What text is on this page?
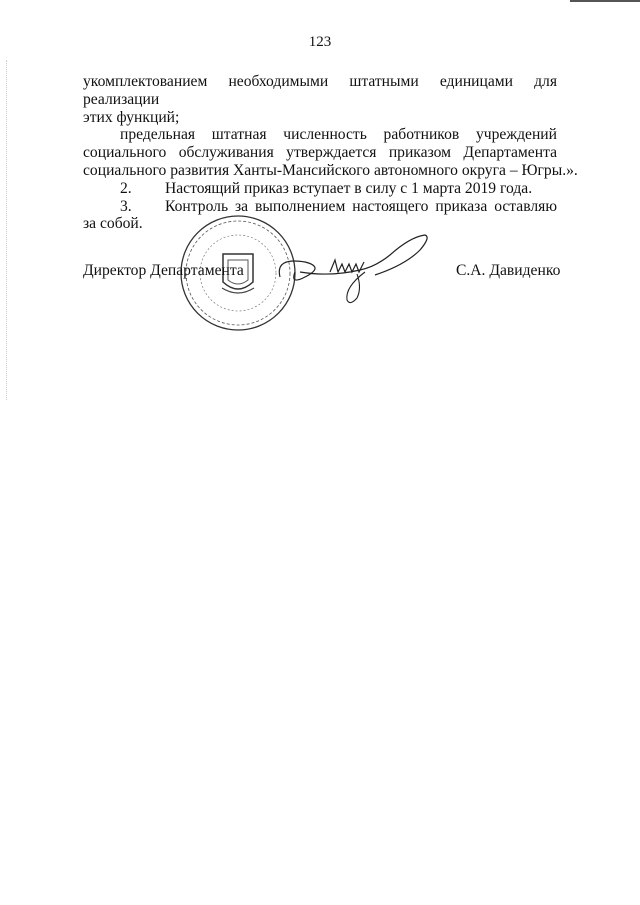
123
укомплектованием необходимыми штатными единицами для реализации
этих функций;
предельная штатная численность работников учреждений
социального обслуживания утверждается приказом Департамента
социального развития Ханты-Мансийского автономного округа – Югры.».
2. Настоящий приказ вступает в силу с 1 марта 2019 года.
3.	Контроль за выполнением настоящего приказа оставляю
за собой.
Директор Департамента	С.А. Давиденко
